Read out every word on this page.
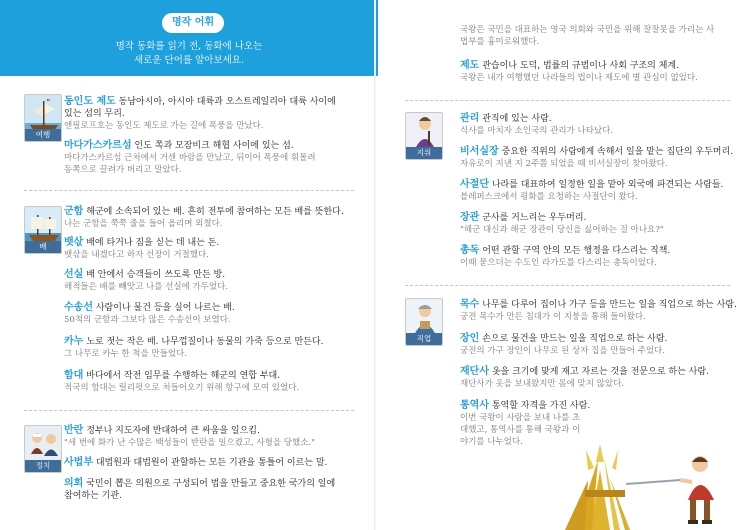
명작 어휘
명작 동화를 읽기 전, 동화에 나오는
새로운 단어를 알아보세요.
여행
동인도 제도 동남아시아, 아시아 대륙과 오스트레일리아 대륙 사이에
있는 섬의 무리.
앤필로프호는 동인도 제도로 가는 길에 폭풍을 만났다.
마다가스카르섬 인도 쪽과 모잠비크 해협 사이에 있는 섬.
마다가스카르섬 근처에서 거센 바람을 만났고, 뒤이어 폭풍에 휘몰려
동쪽으로 끌려가 버리고 말았다.
배
군함 해군에 소속되어 있는 배. 흔히 전투에 참여하는 모든 배를 뜻한다.
나는 군함을 쭉쭉 줄을 들어 올리며 외쳤다.
뱃삯 배에 타거나 짐을 싣는 데 내는 돈.
뱃삯을 내겠다고 하자 선장이 거절했다.
선실 배 안에서 승객들이 쓰도록 만든 방.
해적들은 배를 빼앗고 나를 선실에 가두었다.
수송선 사람이나 물건 등을 실어 나르는 배.
50척의 군함과 그보다 많은 수송선이 보였다.
카누 노로 젓는 작은 배. 나무껍질이나 동물의 가죽 등으로 만든다.
그 나무로 카누 한 척을 만들었다.
함대 바다에서 작전 임무를 수행하는 해군의 연합 부대.
적국의 함대는 릴리펏으로 처들어오기 위해 항구에 모여 있었다.
정치
반란 정부나 지도자에 반대하여 큰 싸움을 일으킴.
"세 번에 화가 난 수많은 백성들이 반란을 일으켰고, 사형을 당했소."
사법부 대법원과 대법원이 관할하는 모든 기관을 통틀어 이르는 말.
의회 국민이 뽑은 의원으로 구성되어 법을 만들고 중요한 국가의 일에
참여하는 기관.
국왕은 국민을 대표하는 영국 의회와 국민을 위해 잘잘못을 가리는 사
법부를 흉미로워했다.
제도 관습이나 도덕, 법률의 규범이나 사회 구조의 체계.
국왕은 내가 여행했던 나라들의 법이나 제도에 별 관심이 없었다.
지위
관리 관직에 있는 사람.
식사를 마치자 소인국의 관리가 나타났다.
비서실장 중요한 직위의 사람에게 속해서 일을 맡는 집단의 우두머리.
자유로이 지낸 지 2주쯤 되었을 때 비서실장이 찾아왔다.
사절단 나라를 대표하여 일정한 일을 맡아 외국에 파견되는 사람들.
블레퍼스크에서 평화를 요청하는 사절단이 왔다.
장관 군사를 거느리는 우두머리.
"해군 대신과 해군 장관이 당신을 싫어하는 걸 아나요?"
총독 어떤 관할 구역 안의 모든 행정을 다스리는 직책.
이때 묻으더는 수도인 라가도를 다스리는 총독이었다.
직업
목수 나무를 다루어 집이나 가구 등을 만드는 일을 직업으로 하는 사람.
궁전 목수가 만든 침대가 이 지붕을 통해 들어왔다.
장인 손으로 물건을 만드는 일을 직업으로 하는 사람.
궁전의 가구 장인이 나무로 된 상자 집을 만들어 주었다.
재단사 옷을 크기에 맞게 재고 자르는 것을 전문으로 하는 사람.
재단사가 옷을 보내왔지만 몸에 맞지 않았다.
통역사 통역할 자격을 가진 사람.
이번 국왕이 사람을 보내 나를 초
대했고, 통역사를 통해 국왕과 이
야기를 나누었다.
